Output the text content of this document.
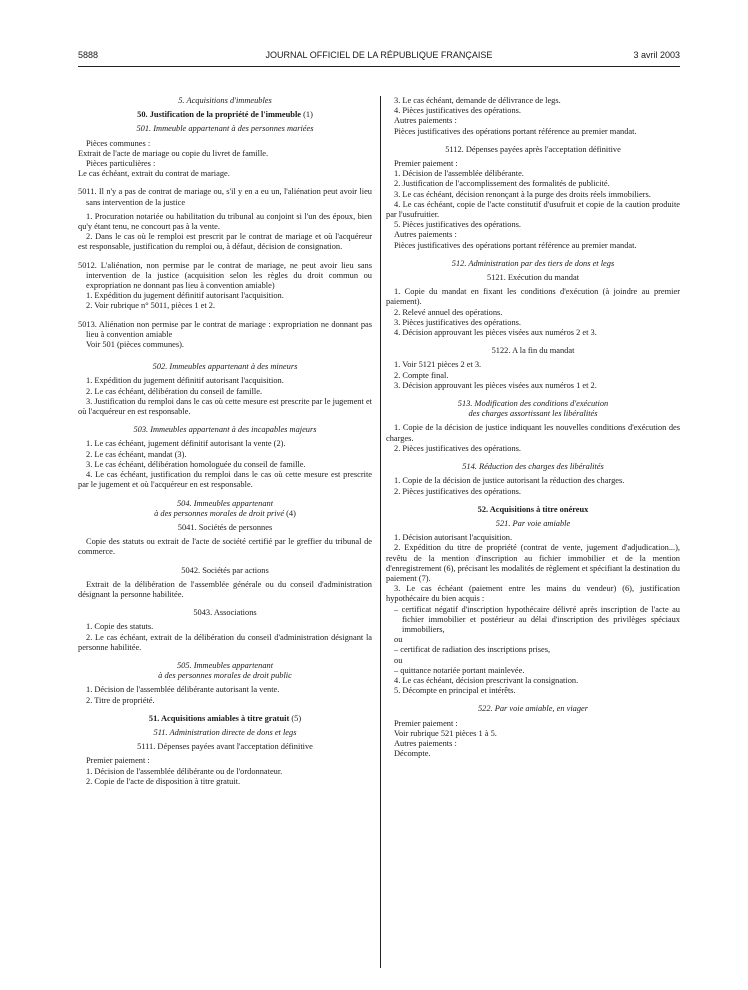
5888	JOURNAL OFFICIEL DE LA RÉPUBLIQUE FRANÇAISE	3 avril 2003

5. Acquisitions d'immeubles

50. Justification de la propriété de l'immeuble (1)

501. Immeuble appartenant à des personnes mariées

Pièces communes :

Extrait de l'acte de mariage ou copie du livret de famille.

Pièces particulières :

Le cas échéant, extrait du contrat de mariage.

5011. Il n'y a pas de contrat de mariage ou, s'il y en a eu un, l'aliénation peut avoir lieu sans intervention de la justice

1. Procuration notariée ou habilitation du tribunal au conjoint si l'un des époux, bien qu'y étant tenu, ne concourt pas à la vente.

2. Dans le cas où le remploi est prescrit par le contrat de mariage et où l'acquéreur est responsable, justification du remploi ou, à défaut, décision de consignation.

5012. L'aliénation, non permise par le contrat de mariage, ne peut avoir lieu sans intervention de la justice (acquisition selon les règles du droit commun ou expropriation ne donnant pas lieu à convention amiable)

1. Expédition du jugement définitif autorisant l'acquisition.

2. Voir rubrique n° 5011, pièces 1 et 2.

5013. Aliénation non permise par le contrat de mariage : expropriation ne donnant pas lieu à convention amiable

Voir 501 (pièces communes).

502. Immeubles appartenant à des mineurs

1. Expédition du jugement définitif autorisant l'acquisition.

2. Le cas échéant, délibération du conseil de famille.

3. Justification du remploi dans le cas où cette mesure est prescrite par le jugement et où l'acquéreur en est responsable.

503. Immeubles appartenant à des incapables majeurs

1. Le cas échéant, jugement définitif autorisant la vente (2).

2. Le cas échéant, mandat (3).

3. Le cas échéant, délibération homologuée du conseil de famille.

4. Le cas échéant, justification du remploi dans le cas où cette mesure est prescrite par le jugement et où l'acquéreur en est responsable.

504. Immeubles appartenant

à des personnes morales de droit privé (4)

5041. Sociétés de personnes

Copie des statuts ou extrait de l'acte de société certifié par le greffier du tribunal de commerce.

5042. Sociétés par actions

Extrait de la délibération de l'assemblée générale ou du conseil d'administration désignant la personne habilitée.

5043. Associations

1. Copie des statuts.

2. Le cas échéant, extrait de la délibération du conseil d'administration désignant la personne habilitée.

505. Immeubles appartenant

à des personnes morales de droit public

1. Décision de l'assemblée délibérante autorisant la vente.

2. Titre de propriété.

51. Acquisitions amiables à titre gratuit (5)

511. Administration directe de dons et legs

5111. Dépenses payées avant l'acceptation définitive

Premier paiement :

1. Décision de l'assemblée délibérante ou de l'ordonnateur.

2. Copie de l'acte de disposition à titre gratuit.

3. Le cas échéant, demande de délivrance de legs.

4. Pièces justificatives des opérations.

Autres paiements :

Pièces justificatives des opérations portant référence au premier mandat.

5112. Dépenses payées après l'acceptation définitive

Premier paiement :

1. Décision de l'assemblée délibérante.

2. Justification de l'accomplissement des formalités de publicité.

3. Le cas échéant, décision renonçant à la purge des droits réels immobiliers.

4. Le cas échéant, copie de l'acte constitutif d'usufruit et copie de la caution produite par l'usufruitier.

5. Pièces justificatives des opérations.

Autres paiements :

Pièces justificatives des opérations portant référence au premier mandat.

512. Administration par des tiers de dons et legs

5121. Exécution du mandat

1. Copie du mandat en fixant les conditions d'exécution (à joindre au premier paiement).

2. Relevé annuel des opérations.

3. Pièces justificatives des opérations.

4. Décision approuvant les pièces visées aux numéros 2 et 3.

5122. A la fin du mandat

1. Voir 5121 pièces 2 et 3.

2. Compte final.

3. Décision approuvant les pièces visées aux numéros 1 et 2.

513. Modification des conditions d'exécution

des charges assortissant les libéralités

1. Copie de la décision de justice indiquant les nouvelles conditions d'exécution des charges.

2. Pièces justificatives des opérations.

514. Réduction des charges des libéralités

1. Copie de la décision de justice autorisant la réduction des charges.

2. Pièces justificatives des opérations.

52. Acquisitions à titre onéreux

521. Par voie amiable

1. Décision autorisant l'acquisition.

2. Expédition du titre de propriété (contrat de vente, jugement d'adjudication...), revêtu de la mention d'inscription au fichier immobilier et de la mention d'enregistrement (6), précisant les modalités de règlement et spécifiant la destination du paiement (7).

3. Le cas échéant (paiement entre les mains du vendeur) (6), justification hypothécaire du bien acquis :

– certificat négatif d'inscription hypothécaire délivré après inscription de l'acte au fichier immobilier et postérieur au délai d'inscription des privilèges spéciaux immobiliers,

ou

– certificat de radiation des inscriptions prises,

ou

– quittance notariée portant mainlevée.

4. Le cas échéant, décision prescrivant la consignation.

5. Décompte en principal et intérêts.

522. Par voie amiable, en viager

Premier paiement :

Voir rubrique 521 pièces 1 à 5.

Autres paiements :

Décompte.
